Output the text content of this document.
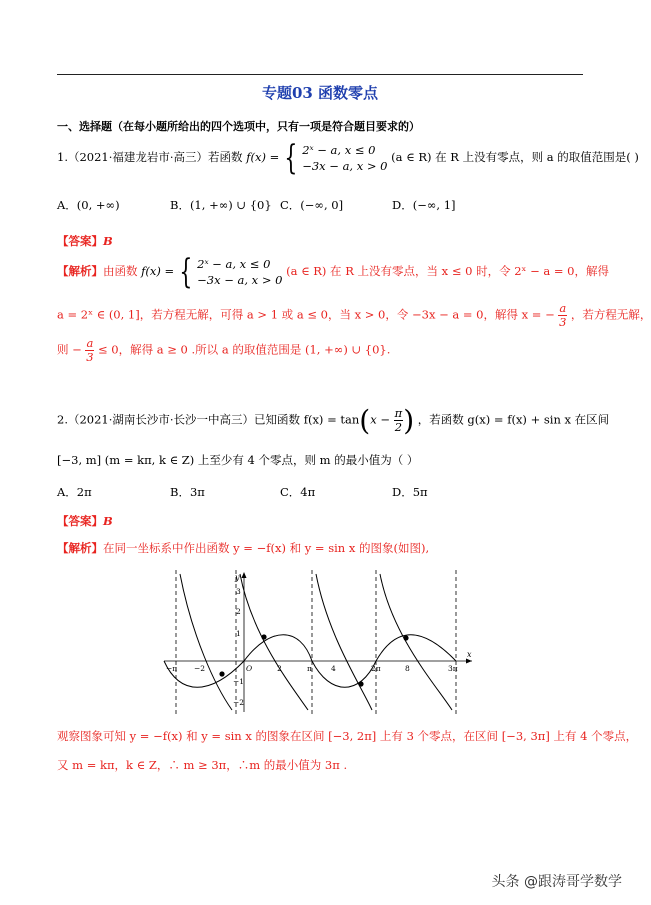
专题03 函数零点
一、选择题（在每小题所给出的四个选项中，只有一项是符合题目要求的）
1.（2021·福建龙岩市·高三）若函数 f(x) = { 2ˣ − a, x ≤ 0
−3x − a, x > 0
(a ∈ R) 在 R 上没有零点，则 a 的取值范围是( )
A．(0, +∞)	B．(1, +∞) ∪ {0} C．(−∞, 0]	D．(−∞, 1]
【答案】B
【解析】由函数 f(x) = { 2ˣ − a, x ≤ 0
−3x − a, x > 0
(a ∈ R) 在 R 上没有零点，当 x ≤ 0 时，令 2ˣ − a = 0，解得
a = 2ˣ ∈ (0, 1]，若方程无解，可得 a > 1 或 a ≤ 0，当 x > 0，令 −3x − a = 0，解得 x = − $\frac{a}{3}$ ，若方程无解，
则 − $\frac{a}{3} \le 0$，解得 a ≥ 0 .所以 a 的取值范围是 (1, +∞) ∪ {0}.
2.（2021·湖南长沙市·长沙一中高三）已知函数 $f(x) = \tan(x - \frac{\pi}{2}$ ) ，若函数 g(x) = f(x) + sin x 在区间
[−3, m] (m = kπ, k ∈ Z) 上至少有 4 个零点，则 m 的最小值为（ ）
A．2π	B．3π	C．4π	D．5π
【答案】B
【解析】在同一坐标系中作出函数 y = −f(x) 和 y = sin x 的图象(如图),
x
y
3
2
1
−1
−2
−π −2	O	2	π	4	2π	8	3π
观察图象可知 y = −f(x) 和 y = sin x 的图象在区间 [−3, 2π] 上有 3 个零点，在区间 [−3, 3π] 上有 4 个零点，
又 m = kπ，k ∈ Z，∴ m ≥ 3π，∴m 的最小值为 3π .
头条 @跟涛哥学数学
